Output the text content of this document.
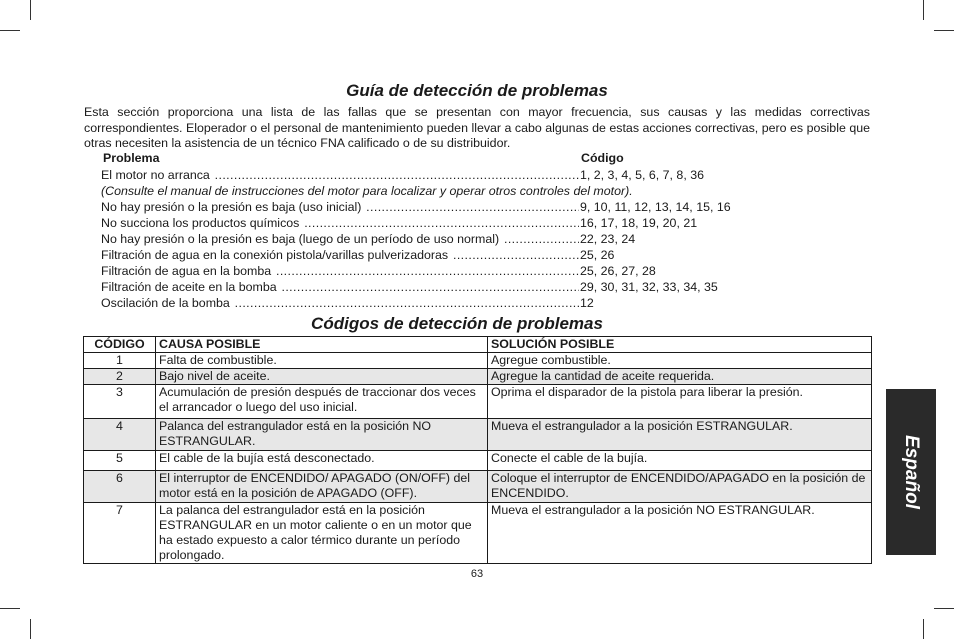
Guía de detección de problemas

Esta sección proporciona una lista de las fallas que se presentan con mayor frecuencia, sus causas y las medidas correctivas correspondientes. Eloperador o el personal de mantenimiento pueden llevar a cabo algunas de estas acciones correctivas, pero es posible que otras necesiten la asistencia de un técnico FNA calificado o de su distribuidor.

Problema	Código
El motor no arranca .....	1, 2, 3, 4, 5, 6, 7, 8, 36
(Consulte el manual de instrucciones del motor para localizar y operar otros controles del motor).
No hay presión o la presión es baja (uso inicial) .....	9, 10, 11, 12, 13, 14, 15, 16
No succiona los productos químicos .....	16, 17, 18, 19, 20, 21
No hay presión o la presión es baja (luego de un período de uso normal) .....	22, 23, 24
Filtración de agua en la conexión pistola/varillas pulverizadoras .....	25, 26
Filtración de agua en la bomba .....	25, 26, 27, 28
Filtración de aceite en la bomba .....	29, 30, 31, 32, 33, 34, 35
Oscilación de la bomba .....	12
Códigos de detección de problemas
CÓDIGO	CAUSA POSIBLE	SOLUCIÓN POSIBLE
1	Falta de combustible.	Agregue combustible.
2	Bajo nivel de aceite.	Agregue la cantidad de aceite requerida.
3	Acumulación de presión después de traccionar dos veces el arrancador o luego del uso inicial.	Oprima el disparador de la pistola para liberar la presión.
4	Palanca del estrangulador está en la posición NO ESTRANGULAR.	Mueva el estrangulador a la posición ESTRANGULAR.
5	El cable de la bujía está desconectado.	Conecte el cable de la bujía.
6	El interruptor de ENCENDIDO/ APAGADO (ON/OFF) del motor está en la posición de APAGADO (OFF).	Coloque el interruptor de ENCENDIDO/APAGADO en la posición de ENCENDIDO.
7	La palanca del estrangulador está en la posición ESTRANGULAR en un motor caliente o en un motor que ha estado expuesto a calor térmico durante un período prolongado.	Mueva el estrangulador a la posición NO ESTRANGULAR.
Español
63
